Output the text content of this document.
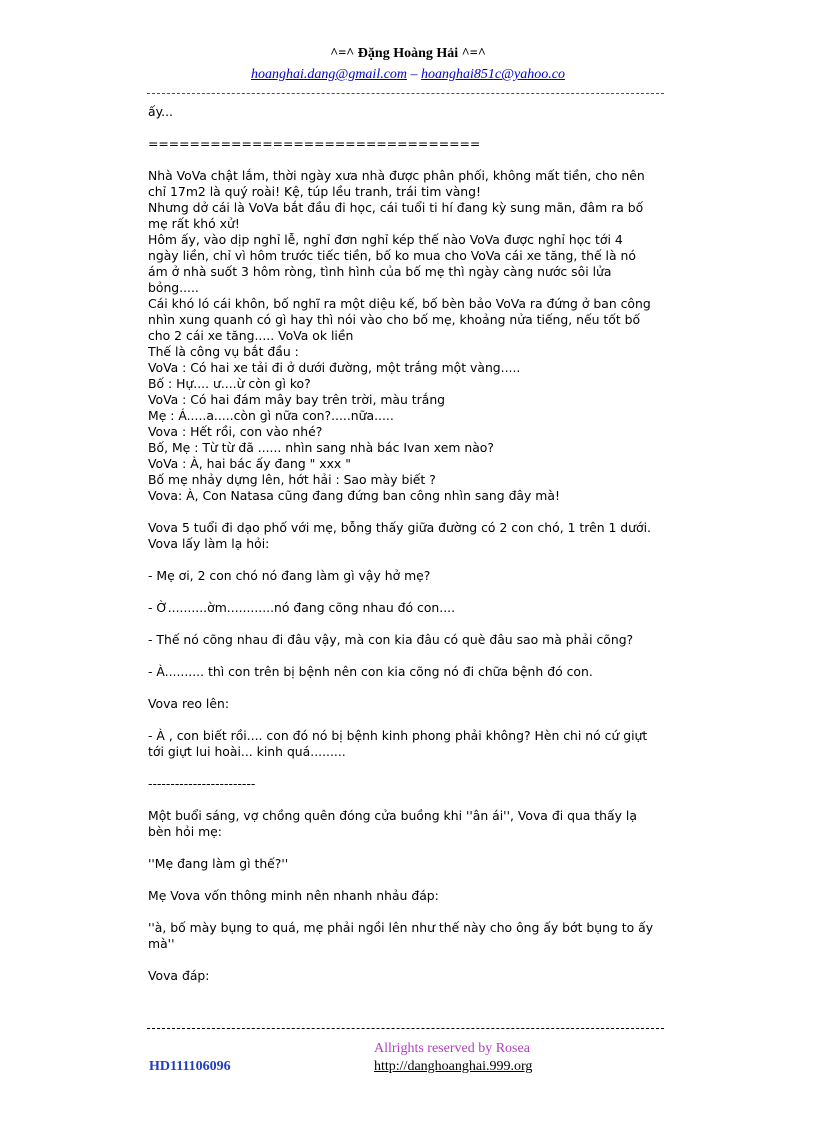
^=^ Đặng Hoàng Hải ^=^
hoanghai.dang@gmail.com – hoanghai851c@yahoo.co

ấy...

================================

Nhà VoVa chật lắm, thời ngày xưa nhà được phân phối, không mất tiền, cho nên

chỉ 17m2 là quý roài! Kệ, túp lều tranh, trái tim vàng!

Nhưng dở cái là VoVa bắt đầu đi học, cái tuổi ti hí đang kỳ sung mãn, đâm ra bố

mẹ rất khó xử!

Hôm ấy, vào dịp nghỉ lễ, nghỉ đơn nghỉ kép thế nào VoVa được nghỉ học tới 4

ngày liền, chỉ vì hôm trước tiếc tiền, bố ko mua cho VoVa cái xe tăng, thế là nó

ám ở nhà suốt 3 hôm ròng, tình hình của bố mẹ thì ngày càng nước sôi lửa

bỏng.....

Cái khó ló cái khôn, bố nghĩ ra một diệu kế, bố bèn bảo VoVa ra đứng ở ban công

nhìn xung quanh có gì hay thì nói vào cho bố mẹ, khoảng nửa tiếng, nếu tốt bố

cho 2 cái xe tăng..... VoVa ok liền

Thế là công vụ bắt đầu :

VoVa : Có hai xe tải đi ở dưới đường, một trắng một vàng.....

Bố : Hự.... ư....ừ còn gì ko?

VoVa : Có hai đám mây bay trên trời, màu trắng

Mẹ : Á.....a.....còn gì nữa con?.....nữa.....

Vova : Hết rồi, con vào nhé?

Bố, Mẹ : Từ từ đã ...... nhìn sang nhà bác Ivan xem nào?

VoVa : À, hai bác ấy đang " xxx "

Bố mẹ nhảy dựng lên, hớt hải : Sao mày biết ?

Vova: À, Con Natasa cũng đang đứng ban công nhìn sang đây mà!

Vova 5 tuổi đi dạo phố với mẹ, bỗng thấy giữa đường có 2 con chó, 1 trên 1 dưới.

Vova lấy làm lạ hỏi:

- Mẹ ơi, 2 con chó nó đang làm gì vậy hở mẹ?

- Ờ..........ờm............nó đang cõng nhau đó con....

- Thế nó cõng nhau đi đâu vậy, mà con kia đâu có què đâu sao mà phải cõng?

- À.......... thì con trên bị bệnh nên con kia cõng nó đi chữa bệnh đó con.

Vova reo lên:

- À , con biết rồi.... con đó nó bị bệnh kinh phong phải không? Hèn chi nó cứ giựt

tới giựt lui hoài... kinh quá.........

------------------------

Một buổi sáng, vợ chồng quên đóng cửa buồng khi ''ân ái'', Vova đi qua thấy lạ

bèn hỏi mẹ:

''Mẹ đang làm gì thế?''

Mẹ Vova vốn thông minh nên nhanh nhảu đáp:

''à, bố mày bụng to quá, mẹ phải ngồi lên như thế này cho ông ấy bớt bụng to ấy

mà''

Vova đáp:

Allrights reserved by Rosea
HD111106096	http://danghoanghai.999.org
